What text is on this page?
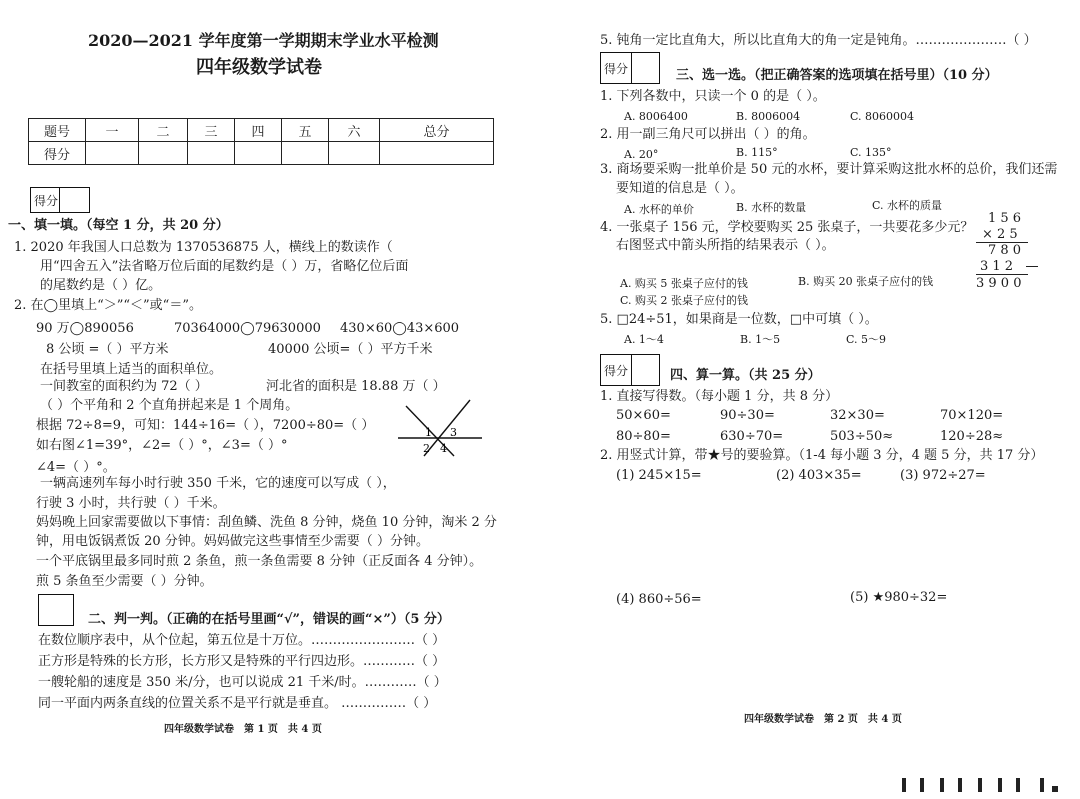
2020—2021 学年度第一学期期末学业水平检测
四年级数学试卷
题号	一	二	三	四	五	六	总分
得分							
得分
一、填一填。（每空 1 分，共 20 分）
1. 2020 年我国人口总数为 1370536875 人，横线上的数读作（
用“四舍五入”法省略万位后面的尾数约是（ ）万，省略亿位后面
的尾数约是（ ）亿。
2. 在◯里填上“＞”“＜”或“＝”。
90 万◯890056	70364000◯79630000 430×60◯43×600
8 公顷 =（ ）平方米	40000 公顷=（ ）平方千米
在括号里填上适当的面积单位。
一间教室的面积约为 72（ ）	河北省的面积是 18.88 万（ ）
（ ）个平角和 2 个直角拼起来是 1 个周角。
根据 72÷8=9，可知：144÷16=（ ），7200÷80=（ ）
如右图∠1=39°，∠2=（ ）°，∠3=（ ）°
∠4=（ ）°。
1 3
2 4
一辆高速列车每小时行驶 350 千米，它的速度可以写成（ ），
行驶 3 小时，共行驶（ ）千米。
妈妈晚上回家需要做以下事情：刮鱼鳞、洗鱼 8 分钟，烧鱼 10 分钟，淘米 2 分
钟，用电饭锅煮饭 20 分钟。妈妈做完这些事情至少需要（ ）分钟。
一个平底锅里最多同时煎 2 条鱼，煎一条鱼需要 8 分钟（正反面各 4 分钟）。
煎 5 条鱼至少需要（ ）分钟。
二、判一判。（正确的在括号里画“√”，错误的画“×”）（5 分）
在数位顺序表中，从个位起，第五位是十万位。……………………（ ）
正方形是特殊的长方形，长方形又是特殊的平行四边形。…………（ ）
一艘轮船的速度是 350 米/分，也可以说成 21 千米/时。…………（ ）
同一平面内两条直线的位置关系不是平行就是垂直。 ……………（ ）
四年级数学试卷　第 1 页　共 4 页
5. 钝角一定比直角大，所以比直角大的角一定是钝角。…………………（ ）
得分	三、选一选。（把正确答案的选项填在括号里）（10 分）
1. 下列各数中，只读一个 0 的是（ ）。
A. 8006400	B. 8006004	C. 8060004
2. 用一副三角尺可以拼出（ ）的角。
A. 20°	B. 115°	C. 135°
3. 商场要采购一批单价是 50 元的水杯，要计算采购这批水杯的总价，我们还需
要知道的信息是（ ）。
A. 水杯的单价	B. 水杯的数量	C. 水杯的质量
4. 一张桌子 156 元，学校要购买 25 张桌子，一共要花多少元？
右图竖式中箭头所指的结果表示（ ）。
1 5 6
× 2 5
7 8 0
3 1 2
3 9 0 0
A. 购买 5 张桌子应付的钱	B. 购买 20 张桌子应付的钱
C. 购买 2 张桌子应付的钱
5. □24÷51，如果商是一位数，□中可填（ ）。
A. 1～4	B. 1～5	C. 5～9
得分	四、算一算。（共 25 分）
1. 直接写得数。（每小题 1 分，共 8 分）
50×60=	90÷30=	32×30=	70×120=
80÷80=	630÷70=	503÷50≈	120÷28≈
2. 用竖式计算，带★号的要验算。（1-4 每小题 3 分，4 题 5 分，共 17 分）
(1) 245×15=	(2) 403×35=	(3) 972÷27=
(4) 860÷56=	(5) ★980÷32=
四年级数学试卷　第 2 页　共 4 页
